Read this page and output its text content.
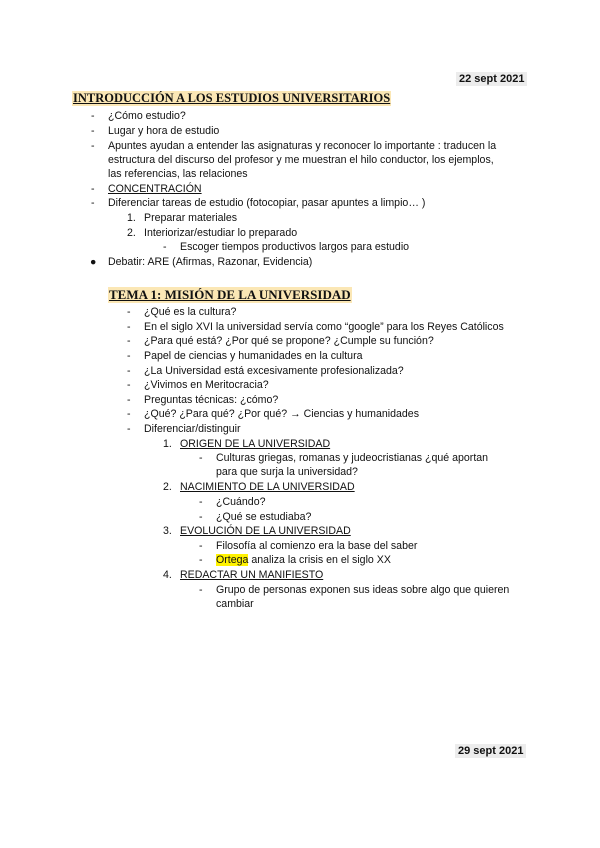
22 sept 2021
29 sept 2021
INTRODUCCIÓN A LOS ESTUDIOS UNIVERSITARIOS
- ¿Cómo estudio?
- Lugar y hora de estudio
- Apuntes ayudan a entender las asignaturas y reconocer lo importante : traducen la
estructura del discurso del profesor y me muestran el hilo conductor, los ejemplos,
las referencias, las relaciones
- CONCENTRACIÓN
- Diferenciar tareas de estudio (fotocopiar, pasar apuntes a limpio… )
1. Preparar materiales
2. Interiorizar/estudiar lo preparado
- Escoger tiempos productivos largos para estudio
● Debatir: ARE (Afirmas, Razonar, Evidencia)
TEMA 1: MISIÓN DE LA UNIVERSIDAD
- ¿Qué es la cultura?
- En el siglo XVI la universidad servía como “google” para los Reyes Católicos
- ¿Para qué está? ¿Por qué se propone? ¿Cumple su función?
- Papel de ciencias y humanidades en la cultura
- ¿La Universidad está excesivamente profesionalizada?
- ¿Vivimos en Meritocracia?
- Preguntas técnicas: ¿cómo?
- ¿Qué? ¿Para qué? ¿Por qué? → Ciencias y humanidades
- Diferenciar/distinguir
1. ORIGEN DE LA UNIVERSIDAD
- Culturas griegas, romanas y judeocristianas ¿qué aportan
para que surja la universidad?
2. NACIMIENTO DE LA UNIVERSIDAD
- ¿Cuándo?
- ¿Qué se estudiaba?
3. EVOLUCIÓN DE LA UNIVERSIDAD
- Filosofía al comienzo era la base del saber
- Ortega analiza la crisis en el siglo XX
4. REDACTAR UN MANIFIESTO
- Grupo de personas exponen sus ideas sobre algo que quieren
cambiar
